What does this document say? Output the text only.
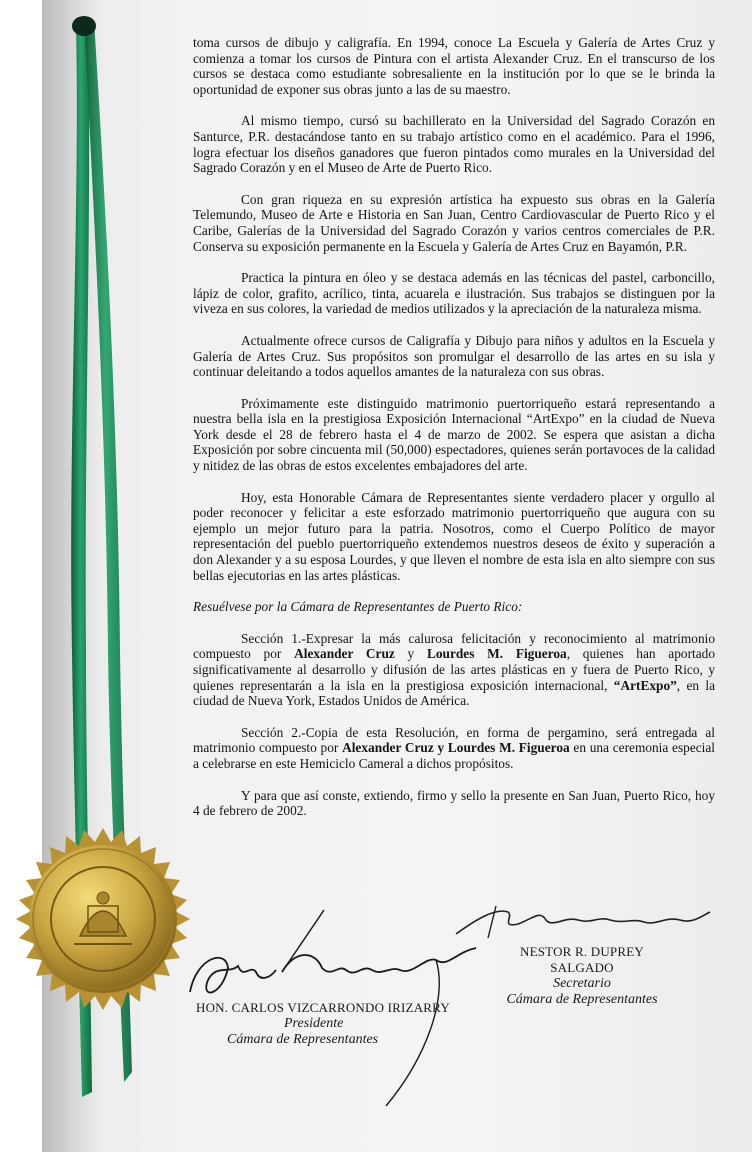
toma cursos de dibujo y caligrafía. En 1994, conoce La Escuela y Galería de Artes Cruz y comienza a tomar los cursos de Pintura con el artista Alexander Cruz. En el transcurso de los cursos se destaca como estudiante sobresaliente en la institución por lo que se le brinda la oportunidad de exponer sus obras junto a las de su maestro.

Al mismo tiempo, cursó su bachillerato en la Universidad del Sagrado Corazón en Santurce, P.R. destacándose tanto en su trabajo artístico como en el académico. Para el 1996, logra efectuar los diseños ganadores que fueron pintados como murales en la Universidad del Sagrado Corazón y en el Museo de Arte de Puerto Rico.

Con gran riqueza en su expresión artística ha expuesto sus obras en la Galería Telemundo, Museo de Arte e Historia en San Juan, Centro Cardiovascular de Puerto Rico y el Caribe, Galerías de la Universidad del Sagrado Corazón y varios centros comerciales de P.R. Conserva su exposición permanente en la Escuela y Galería de Artes Cruz en Bayamón, P.R.

Practica la pintura en óleo y se destaca además en las técnicas del pastel, carboncillo, lápiz de color, grafito, acrílico, tinta, acuarela e ilustración. Sus trabajos se distinguen por la viveza en sus colores, la variedad de medios utilizados y la apreciación de la naturaleza misma.

Actualmente ofrece cursos de Caligrafía y Dibujo para niños y adultos en la Escuela y Galería de Artes Cruz. Sus propósitos son promulgar el desarrollo de las artes en su isla y continuar deleitando a todos aquellos amantes de la naturaleza con sus obras.

Próximamente este distinguido matrimonio puertorriqueño estará representando a nuestra bella isla en la prestigiosa Exposición Internacional “ArtExpo” en la ciudad de Nueva York desde el 28 de febrero hasta el 4 de marzo de 2002. Se espera que asistan a dicha Exposición por sobre cincuenta mil (50,000) espectadores, quienes serán portavoces de la calidad y nitidez de las obras de estos excelentes embajadores del arte.

Hoy, esta Honorable Cámara de Representantes siente verdadero placer y orgullo al poder reconocer y felicitar a este esforzado matrimonio puertorriqueño que augura con su ejemplo un mejor futuro para la patria. Nosotros, como el Cuerpo Político de mayor representación del pueblo puertorriqueño extendemos nuestros deseos de éxito y superación a don Alexander y a su esposa Lourdes, y que lleven el nombre de esta isla en alto siempre con sus bellas ejecutorias en las artes plásticas.

Resuélvese por la Cámara de Representantes de Puerto Rico:

Sección 1.-Expresar la más calurosa felicitación y reconocimiento al matrimonio compuesto por Alexander Cruz y Lourdes M. Figueroa, quienes han aportado significativamente al desarrollo y difusión de las artes plásticas en y fuera de Puerto Rico, y quienes representarán a la isla en la prestigiosa exposición internacional, “ArtExpo”, en la ciudad de Nueva York, Estados Unidos de América.

Sección 2.-Copia de esta Resolución, en forma de pergamino, será entregada al matrimonio compuesto por Alexander Cruz y Lourdes M. Figueroa en una ceremonia especial a celebrarse en este Hemiciclo Cameral a dichos propósitos.

Y para que así conste, extiendo, firmo y sello la presente en San Juan, Puerto Rico, hoy 4 de febrero de 2002.

NESTOR R. DUPREY SALGADO
Secretario
Cámara de Representantes
HON. CARLOS VIZCARRONDO IRIZARRY
Presidente
Cámara de Representantes
